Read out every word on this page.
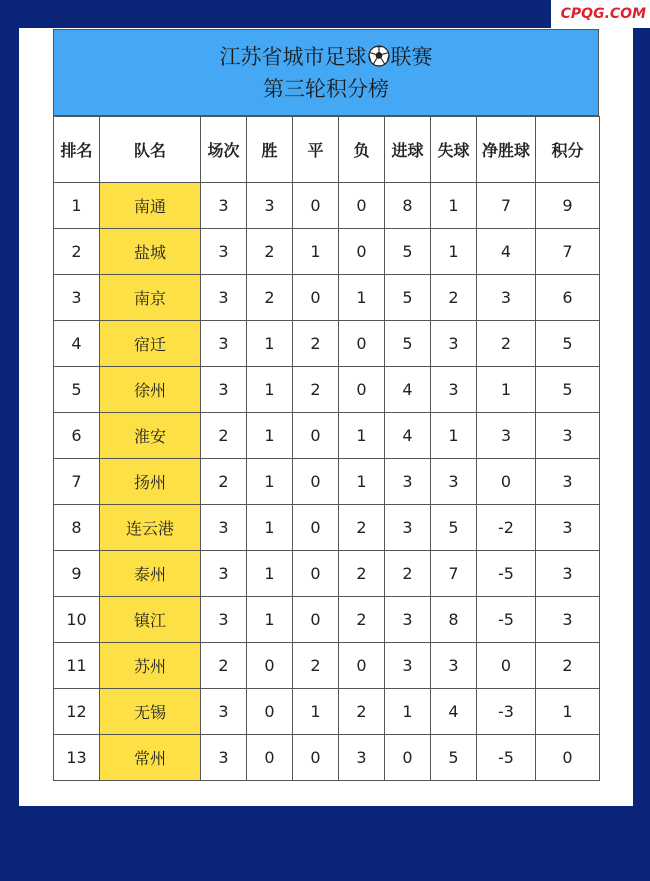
CPQG.COM
江苏省城市足球 联赛
第三轮积分榜
排名	队名	场次	胜	平	负	进球	失球	净胜球	积分
1	南通	3	3	0	0	8	1	7	9
2	盐城	3	2	1	0	5	1	4	7
3	南京	3	2	0	1	5	2	3	6
4	宿迁	3	1	2	0	5	3	2	5
5	徐州	3	1	2	0	4	3	1	5
6	淮安	2	1	0	1	4	1	3	3
7	扬州	2	1	0	1	3	3	0	3
8	连云港	3	1	0	2	3	5	-2	3
9	泰州	3	1	0	2	2	7	-5	3
10	镇江	3	1	0	2	3	8	-5	3
11	苏州	2	0	2	0	3	3	0	2
12	无锡	3	0	1	2	1	4	-3	1
13	常州	3	0	0	3	0	5	-5	0
